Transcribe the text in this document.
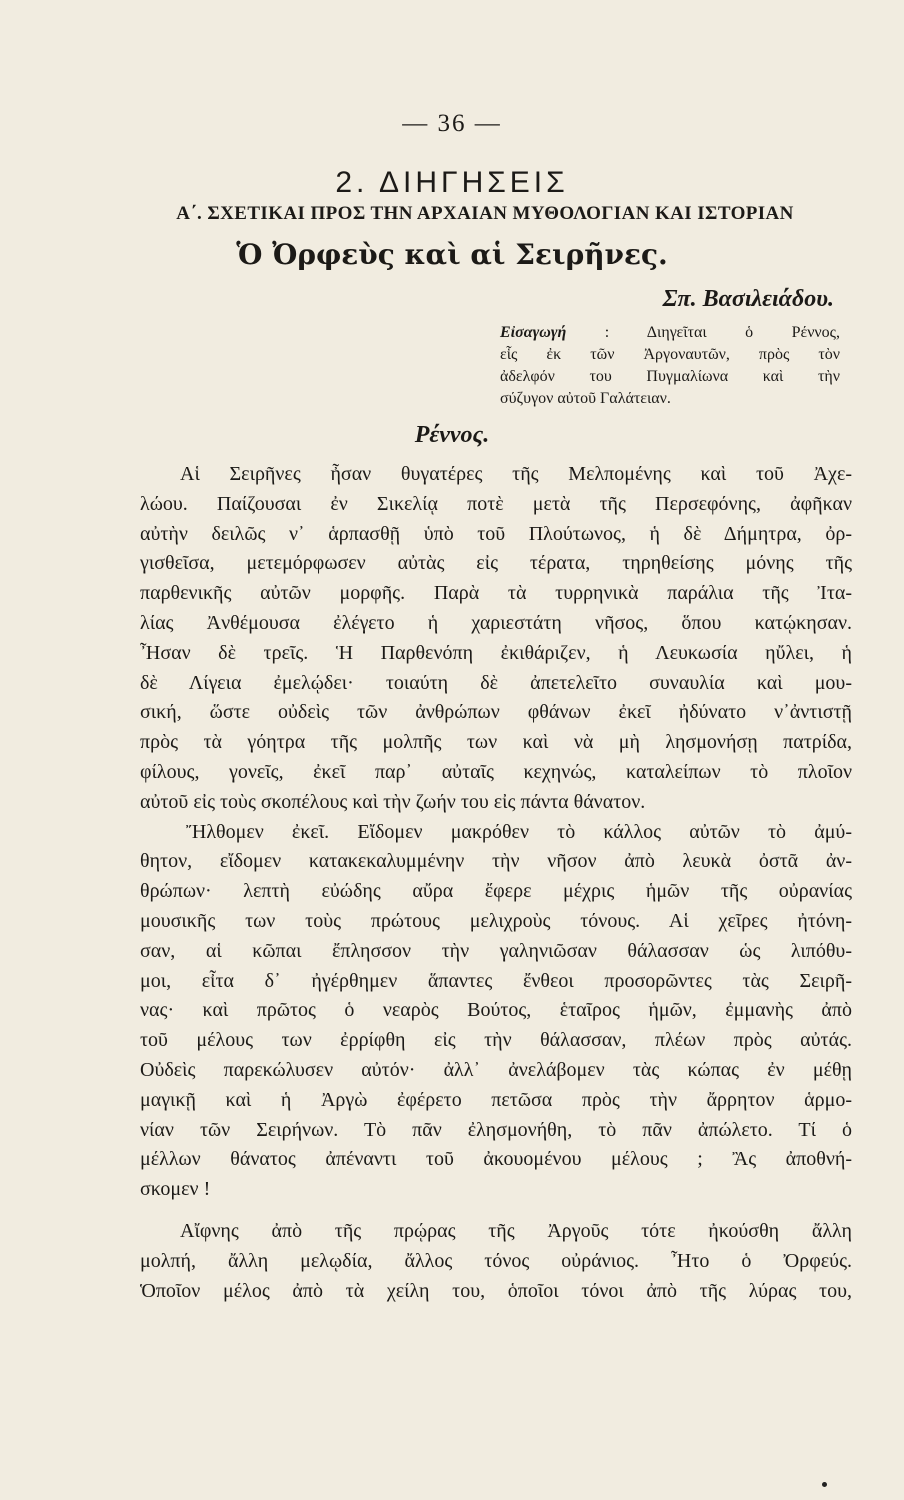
— 36 —
2. ΔΙΗΓΗΣΕΙΣ
Α΄. ΣΧΕΤΙΚΑΙ ΠΡΟΣ ΤΗΝ ΑΡΧΑΙΑΝ ΜΥΘΟΛΟΓΙΑΝ ΚΑΙ ΙΣΤΟΡΙΑΝ
Ὁ Ὀρφεὺς καὶ αἱ Σειρῆνες.
Σπ. Βασιλειάδου.
Εἰσαγωγή : Διηγεῖται ὁ Ρέννος,
εἷς ἐκ τῶν Ἀργοναυτῶν, πρὸς τὸν
ἀδελφόν του Πυγμαλίωνα καὶ τὴν
σύζυγον αὐτοῦ Γαλάτειαν.
Ρέννος.
Αἱ Σειρῆνες ἦσαν θυγατέρες τῆς Μελπομένης καὶ τοῦ Ἀχε-
λώου. Παίζουσαι ἐν Σικελίᾳ ποτὲ μετὰ τῆς Περσεφόνης, ἀφῆκαν
αὐτὴν δειλῶς ν᾽ ἁρπασθῇ ὑπὸ τοῦ Πλούτωνος, ἡ δὲ Δήμητρα, ὀρ-
γισθεῖσα, μετεμόρφωσεν αὐτὰς εἰς τέρατα, τηρηθείσης μόνης τῆς
παρθενικῆς αὐτῶν μορφῆς. Παρὰ τὰ τυρρηνικὰ παράλια τῆς Ἰτα-
λίας Ἀνθέμουσα ἐλέγετο ἡ χαριεστάτη νῆσος, ὅπου κατῴκησαν.
Ἦσαν δὲ τρεῖς. Ἡ Παρθενόπη ἐκιθάριζεν, ἡ Λευκωσία ηὔλει, ἡ
δὲ Λίγεια ἐμελῴδει· τοιαύτη δὲ ἀπετελεῖτο συναυλία καὶ μου-
σική, ὥστε οὐδεὶς τῶν ἀνθρώπων φθάνων ἐκεῖ ἠδύνατο ν᾽ἀντιστῇ
πρὸς τὰ γόητρα τῆς μολπῆς των καὶ νὰ μὴ λησμονήσῃ πατρίδα,
φίλους, γονεῖς, ἐκεῖ παρ᾽ αὐταῖς κεχηνώς, καταλείπων τὸ πλοῖον
αὐτοῦ εἰς τοὺς σκοπέλους καὶ τὴν ζωήν του εἰς πάντα θάνατον.
Ἤλθομεν ἐκεῖ. Εἴδομεν μακρόθεν τὸ κάλλος αὐτῶν τὸ ἀμύ-
θητον, εἴδομεν κατακεκαλυμμένην τὴν νῆσον ἀπὸ λευκὰ ὀστᾶ ἀν-
θρώπων· λεπτὴ εὐώδης αὔρα ἔφερε μέχρις ἡμῶν τῆς οὐρανίας
μουσικῆς των τοὺς πρώτους μελιχροὺς τόνους. Αἱ χεῖρες ἠτόνη-
σαν, αἱ κῶπαι ἔπλησσον τὴν γαληνιῶσαν θάλασσαν ὡς λιπόθυ-
μοι, εἶτα δ᾽ ἠγέρθημεν ἅπαντες ἔνθεοι προσορῶντες τὰς Σειρῆ-
νας· καὶ πρῶτος ὁ νεαρὸς Βούτος, ἑταῖρος ἡμῶν, ἐμμανὴς ἀπὸ
τοῦ μέλους των ἐρρίφθη εἰς τὴν θάλασσαν, πλέων πρὸς αὐτάς.
Οὐδεὶς παρεκώλυσεν αὐτόν· ἀλλ᾽ ἀνελάβομεν τὰς κώπας ἐν μέθῃ
μαγικῇ καὶ ἡ Ἀργὼ ἐφέρετο πετῶσα πρὸς τὴν ἄρρητον ἁρμο-
νίαν τῶν Σειρήνων. Τὸ πᾶν ἐλησμονήθη, τὸ πᾶν ἀπώλετο. Τί ὁ
μέλλων θάνατος ἀπέναντι τοῦ ἀκουομένου μέλους ; Ἂς ἀποθνή-
σκομεν !
Αἴφνης ἀπὸ τῆς πρῴρας τῆς Ἀργοῦς τότε ἠκούσθη ἄλλη
μολπή, ἄλλη μελῳδία, ἄλλος τόνος οὐράνιος. Ἦτο ὁ Ὀρφεύς.
Ὁποῖον μέλος ἀπὸ τὰ χείλη του, ὁποῖοι τόνοι ἀπὸ τῆς λύρας του,
